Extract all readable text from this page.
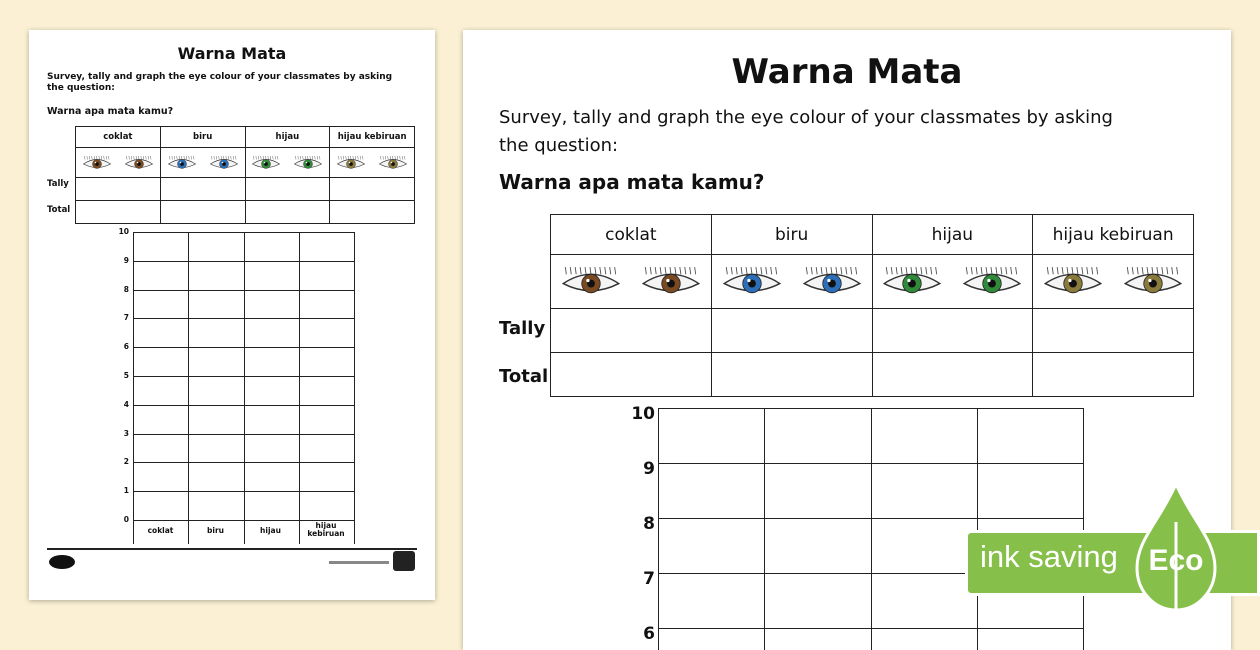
Warna Mata
Survey, tally and graph the eye colour of your classmates by asking
the question:
Warna apa mata kamu?
coklat	biru	hijau	hijau kebiruan

Tally
Total
10
9
8
7
6
5
4
3
2
1
0
coklat	biru	hijau
hijau kebiruan
Warna Mata
Survey, tally and graph the eye colour of your classmates by asking
the question:
Warna apa mata kamu?
coklat	biru	hijau	hijau kebiruan

Tally
Total
10
9
8
7
6
ink saving Eco
